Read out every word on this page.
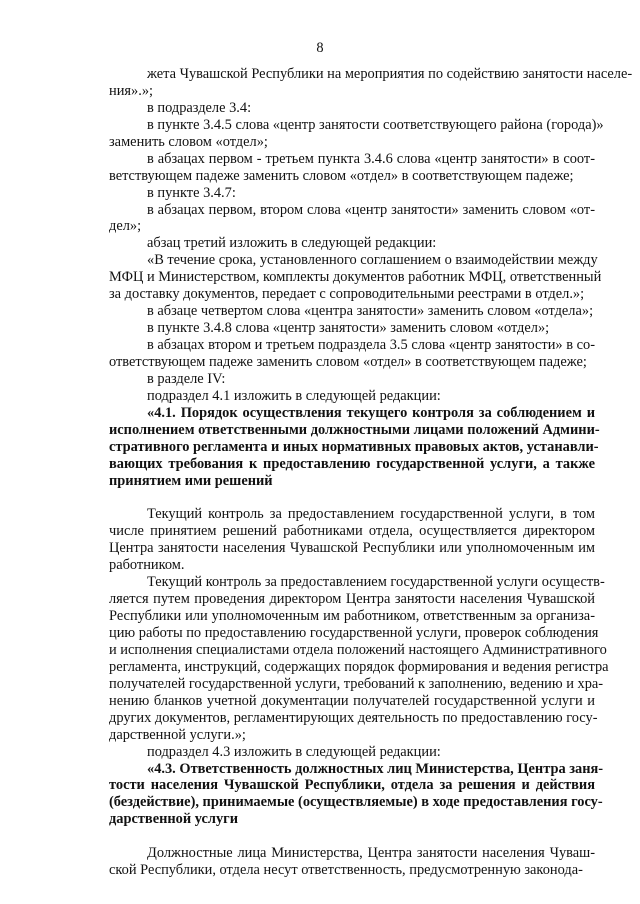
8
жета Чувашской Республики на мероприятия по содействию занятости населе-
ния».»;
в подразделе 3.4:
в пункте 3.4.5 слова «центр занятости соответствующего района (города)»
заменить словом «отдел»;
в абзацах первом - третьем пункта 3.4.6 слова «центр занятости» в соот-
ветствующем падеже заменить словом «отдел» в соответствующем падеже;
в пункте 3.4.7:
в абзацах первом, втором слова «центр занятости» заменить словом «от-
дел»;
абзац третий изложить в следующей редакции:
«В течение срока, установленного соглашением о взаимодействии между
МФЦ и Министерством, комплекты документов работник МФЦ, ответственный
за доставку документов, передает с сопроводительными реестрами в отдел.»;
в абзаце четвертом слова «центра занятости» заменить словом «отдела»;
в пункте 3.4.8 слова «центр занятости» заменить словом «отдел»;
в абзацах втором и третьем подраздела 3.5 слова «центр занятости» в со-
ответствующем падеже заменить словом «отдел» в соответствующем падеже;
в разделе IV:
подраздел 4.1 изложить в следующей редакции:
«4.1. Порядок осуществления текущего контроля за соблюдением и
исполнением ответственными должностными лицами положений Админи-
стративного регламента и иных нормативных правовых актов, устанавли-
вающих требования к предоставлению государственной услуги, а также
принятием ими решений
Текущий контроль за предоставлением государственной услуги, в том
числе принятием решений работниками отдела, осуществляется директором
Центра занятости населения Чувашской Республики или уполномоченным им
работником.
Текущий контроль за предоставлением государственной услуги осуществ-
ляется путем проведения директором Центра занятости населения Чувашской
Республики или уполномоченным им работником, ответственным за организа-
цию работы по предоставлению государственной услуги, проверок соблюдения
и исполнения специалистами отдела положений настоящего Административного
регламента, инструкций, содержащих порядок формирования и ведения регистра
получателей государственной услуги, требований к заполнению, ведению и хра-
нению бланков учетной документации получателей государственной услуги и
других документов, регламентирующих деятельность по предоставлению госу-
дарственной услуги.»;
подраздел 4.3 изложить в следующей редакции:
«4.3. Ответственность должностных лиц Министерства, Центра заня-
тости населения Чувашской Республики, отдела за решения и действия
(бездействие), принимаемые (осуществляемые) в ходе предоставления госу-
дарственной услуги
Должностные лица Министерства, Центра занятости населения Чуваш-
ской Республики, отдела несут ответственность, предусмотренную законода-
